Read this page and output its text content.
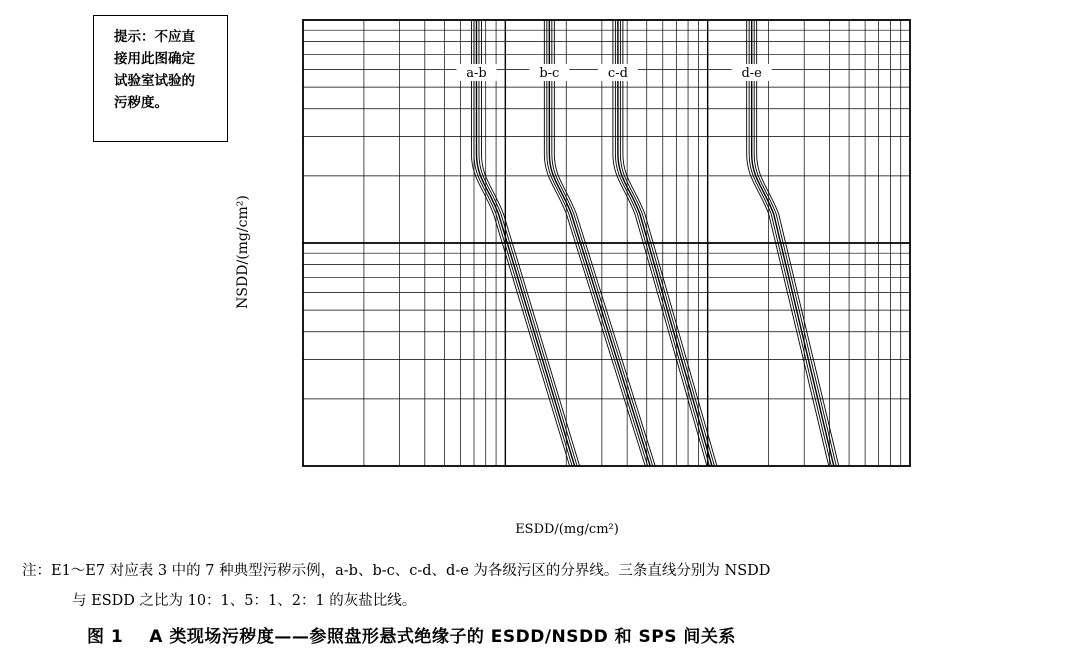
a-b	b-c	c-d	d-e
提示：不应直
接用此图确定
试验室试验的
污秽度。
NSDD/(mg/cm²)
ESDD/(mg/cm²)
注：E1～E7 对应表 3 中的 7 种典型污秽示例，a-b、b-c、c-d、d-e 为各级污区的分界线。三条直线分别为 NSDD
与 ESDD 之比为 10：1、5：1、2：1 的灰盐比线。
图 1 A 类现场污秽度——参照盘形悬式绝缘子的 ESDD/NSDD 和 SPS 间关系
